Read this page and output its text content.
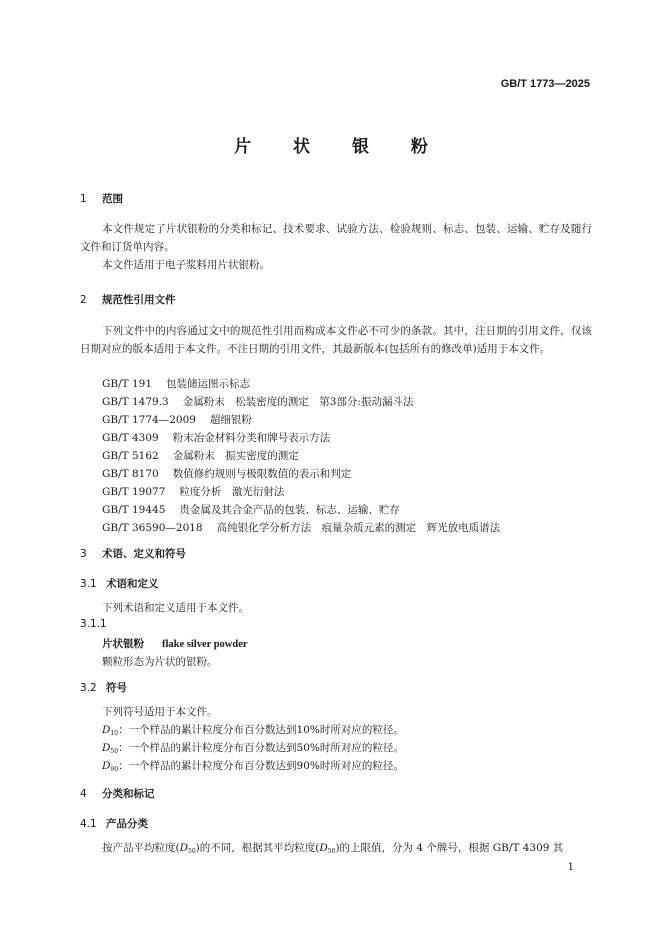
GB/T 1773—2025
片 状 银 粉
1 范围
本文件规定了片状银粉的分类和标记、技术要求、试验方法、检验规则、标志、包装、运输、贮存及随行文件和订货单内容。
本文件适用于电子浆料用片状银粉。
2 规范性引用文件
下列文件中的内容通过文中的规范性引用而构成本文件必不可少的条款。其中，注日期的引用文件，仅该日期对应的版本适用于本文件。不注日期的引用文件，其最新版本(包括所有的修改单)适用于本文件。
GB/T 191 包装储运图示标志
GB/T 1479.3 金属粉末　松装密度的测定　第3部分:振动漏斗法
GB/T 1774—2009 超细银粉
GB/T 4309 粉末冶金材料分类和牌号表示方法
GB/T 5162 金属粉末　振实密度的测定
GB/T 8170 数值修约规则与极限数值的表示和判定
GB/T 19077 粒度分析　激光衍射法
GB/T 19445 贵金属及其合金产品的包装、标志、运输、贮存
GB/T 36590—2018 高纯银化学分析方法　痕量杂质元素的测定　辉光放电质谱法
3 术语、定义和符号
3.1 术语和定义
下列术语和定义适用于本文件。
3.1.1
片状银粉 flake silver powder
颗粒形态为片状的银粉。
3.2 符号
下列符号适用于本文件。
$D_{10}$：一个样品的累计粒度分布百分数达到10%时所对应的粒径。
$D_{50}$：一个样品的累计粒度分布百分数达到50%时所对应的粒径。
$D_{90}$：一个样品的累计粒度分布百分数达到90%时所对应的粒径。
4 分类和标记
4.1 产品分类
按产品平均粒度$(D_{50})$的不同，根据其平均粒度$(D_{50})$的上限值，分为 4 个牌号，根据 GB/T 4309 其
1
